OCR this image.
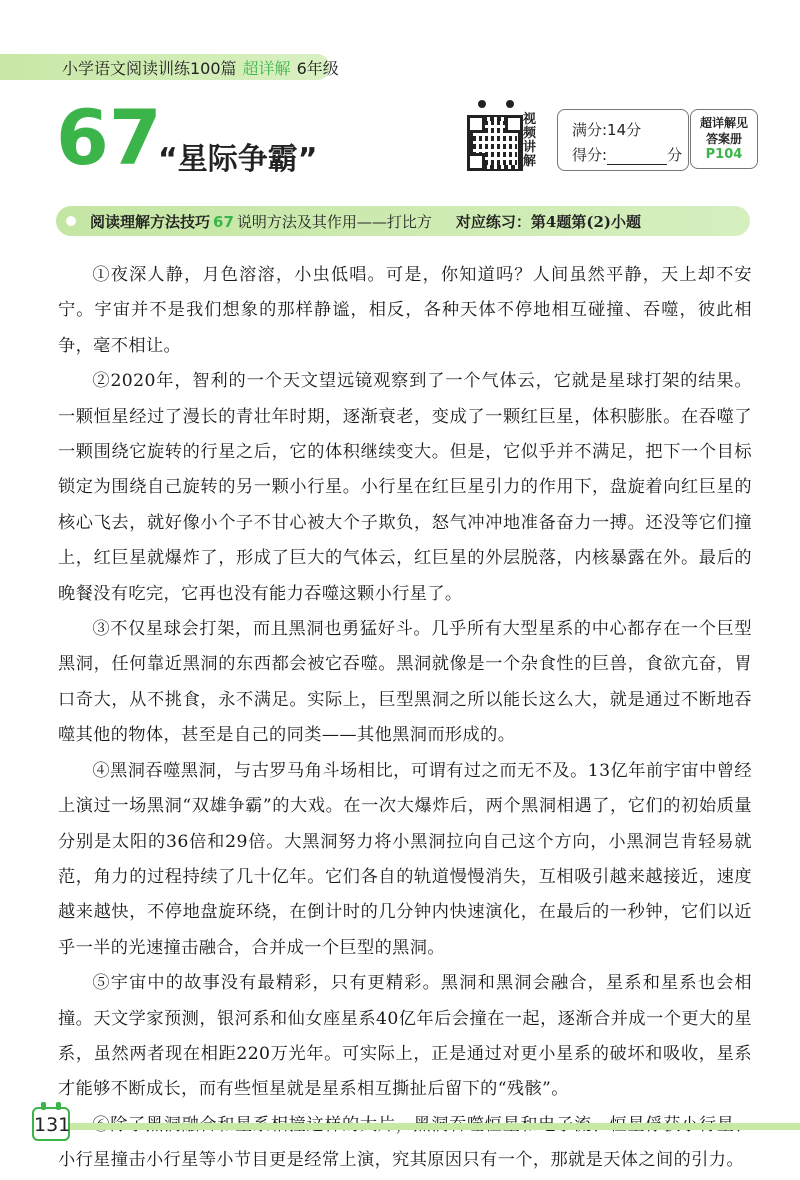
小学语文阅读训练100篇 超详解 6年级
67
“星际争霸”
视频讲解
满分:14分
得分:	分
超详解见
答案册
P104
阅读理解方法技巧 67 说明方法及其作用——打比方 对应练习：第4题第(2)小题

①夜深人静，月色溶溶，小虫低唱。可是，你知道吗？人间虽然平静，天上却不安宁。宇宙并不是我们想象的那样静谧，相反，各种天体不停地相互碰撞、吞噬，彼此相争，毫不相让。

②2020年，智利的一个天文望远镜观察到了一个气体云，它就是星球打架的结果。一颗恒星经过了漫长的青壮年时期，逐渐衰老，变成了一颗红巨星，体积膨胀。在吞噬了一颗围绕它旋转的行星之后，它的体积继续变大。但是，它似乎并不满足，把下一个目标锁定为围绕自己旋转的另一颗小行星。小行星在红巨星引力的作用下，盘旋着向红巨星的核心飞去，就好像小个子不甘心被大个子欺负，怒气冲冲地准备奋力一搏。还没等它们撞上，红巨星就爆炸了，形成了巨大的气体云，红巨星的外层脱落，内核暴露在外。最后的晚餐没有吃完，它再也没有能力吞噬这颗小行星了。

③不仅星球会打架，而且黑洞也勇猛好斗。几乎所有大型星系的中心都存在一个巨型黑洞，任何靠近黑洞的东西都会被它吞噬。黑洞就像是一个杂食性的巨兽，食欲亢奋，胃口奇大，从不挑食，永不满足。实际上，巨型黑洞之所以能长这么大，就是通过不断地吞噬其他的物体，甚至是自己的同类——其他黑洞而形成的。

④黑洞吞噬黑洞，与古罗马角斗场相比，可谓有过之而无不及。13亿年前宇宙中曾经上演过一场黑洞“双雄争霸”的大戏。在一次大爆炸后，两个黑洞相遇了，它们的初始质量分别是太阳的36倍和29倍。大黑洞努力将小黑洞拉向自己这个方向，小黑洞岂肯轻易就范，角力的过程持续了几十亿年。它们各自的轨道慢慢消失，互相吸引越来越接近，速度越来越快，不停地盘旋环绕，在倒计时的几分钟内快速演化，在最后的一秒钟，它们以近乎一半的光速撞击融合，合并成一个巨型的黑洞。

⑤宇宙中的故事没有最精彩，只有更精彩。黑洞和黑洞会融合，星系和星系也会相撞。天文学家预测，银河系和仙女座星系40亿年后会撞在一起，逐渐合并成一个更大的星系，虽然两者现在相距220万光年。可实际上，正是通过对更小星系的破坏和吸收，星系才能够不断成长，而有些恒星就是星系相互撕扯后留下的“残骸”。

小行星撞击小行星等小节目更是经常上演，究其原因只有一个，那就是天体之间的引力。

131
